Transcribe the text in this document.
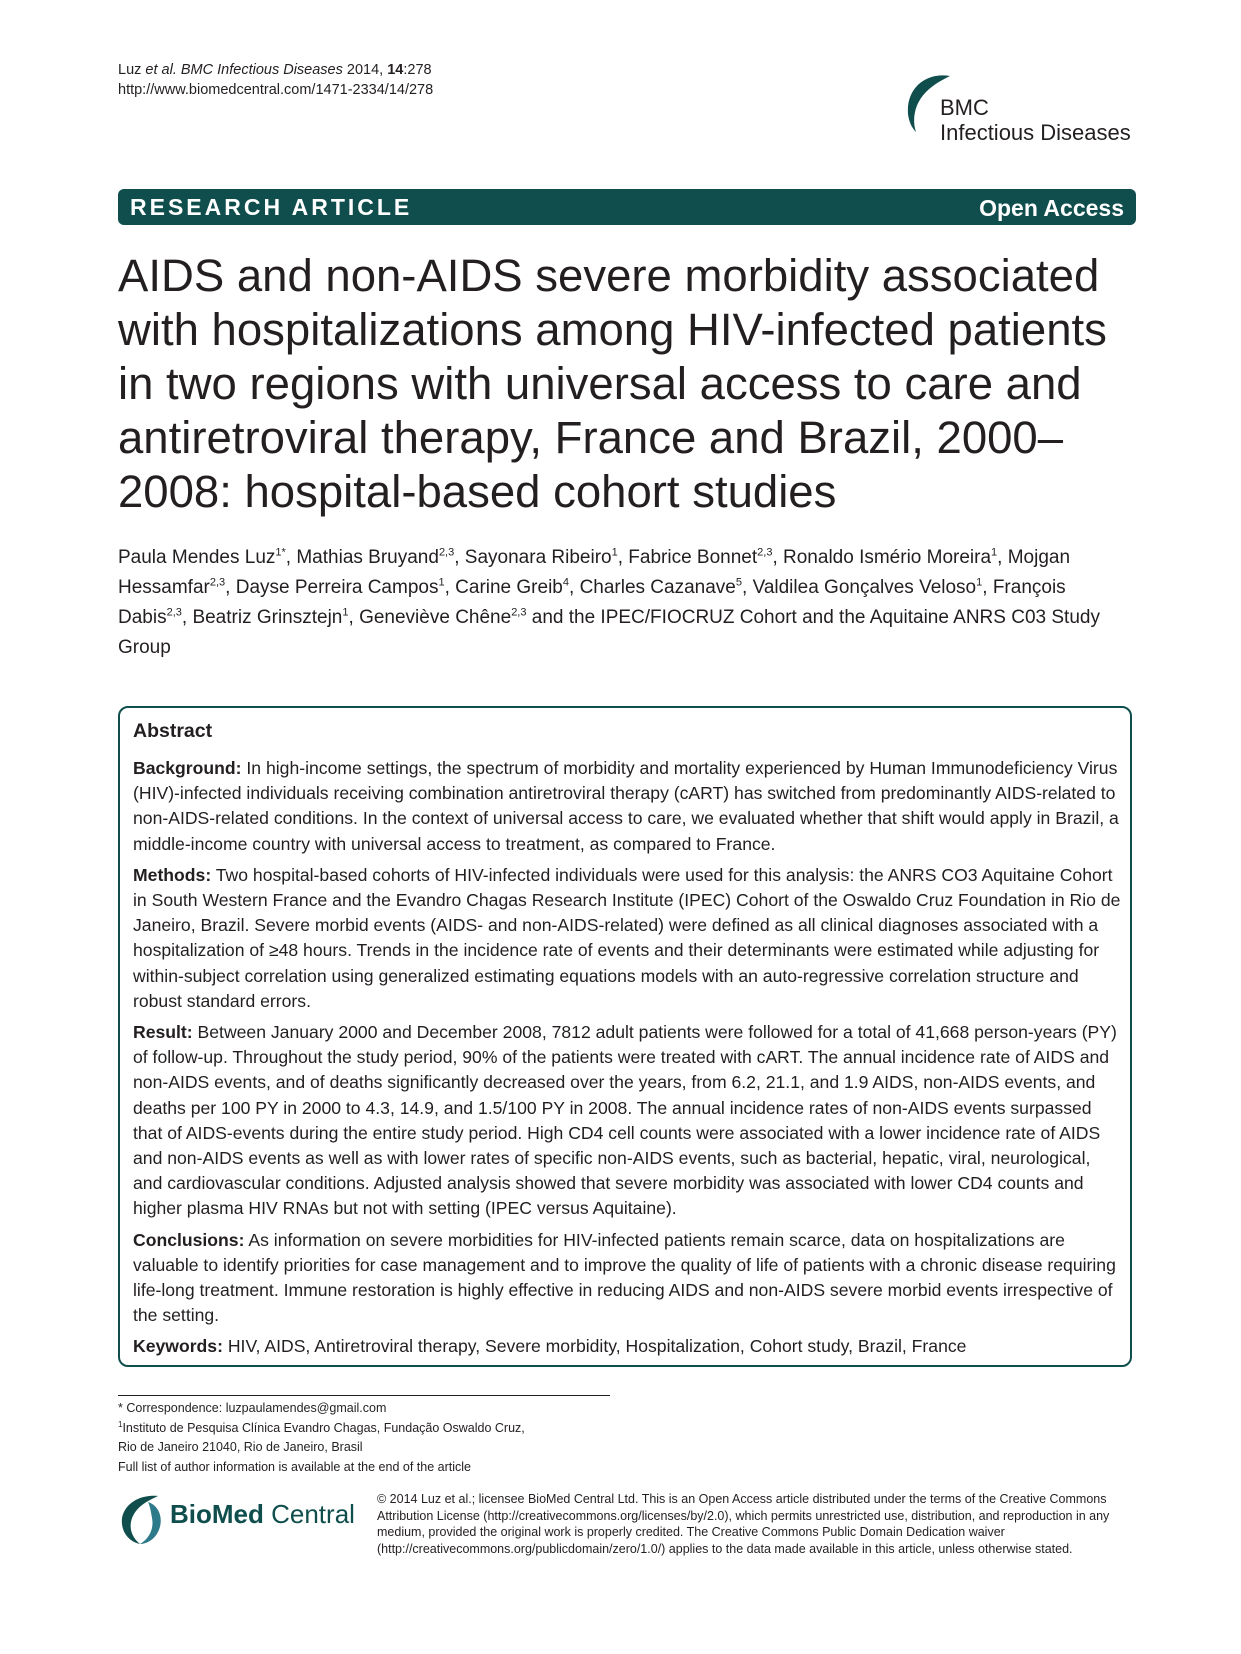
Luz et al. BMC Infectious Diseases 2014, 14:278
http://www.biomedcentral.com/1471-2334/14/278
BMC
Infectious Diseases
RESEARCH ARTICLE	Open Access
AIDS and non-AIDS severe morbidity associated with hospitalizations among HIV-infected patients in two regions with universal access to care and antiretroviral therapy, France and Brazil, 2000–2008: hospital-based cohort studies
Paula Mendes Luz$^{1*}$, Mathias Bruyand$^{2,3}$, Sayonara Ribeiro$^1$, Fabrice Bonnet$^{2,3}$, Ronaldo Ismério Moreira$^1$, Mojgan Hessamfar$^{2,3}$, Dayse Perreira Campos$^1$, Carine Greib$^4$, Charles Cazanave$^5$, Valdilea Gonçalves Veloso$^1$, François Dabis$^{2,3}$, Beatriz Grinsztejn$^1$, Geneviève Chêne$^{2,3}$ and the IPEC/FIOCRUZ Cohort and the Aquitaine ANRS C03 Study Group
Abstract

Background: In high-income settings, the spectrum of morbidity and mortality experienced by Human Immunodeficiency Virus (HIV)-infected individuals receiving combination antiretroviral therapy (cART) has switched from predominantly AIDS-related to non-AIDS-related conditions. In the context of universal access to care, we evaluated whether that shift would apply in Brazil, a middle-income country with universal access to treatment, as compared to France.

Methods: Two hospital-based cohorts of HIV-infected individuals were used for this analysis: the ANRS CO3 Aquitaine Cohort in South Western France and the Evandro Chagas Research Institute (IPEC) Cohort of the Oswaldo Cruz Foundation in Rio de Janeiro, Brazil. Severe morbid events (AIDS- and non-AIDS-related) were defined as all clinical diagnoses associated with a hospitalization of ≥48 hours. Trends in the incidence rate of events and their determinants were estimated while adjusting for within-subject correlation using generalized estimating equations models with an auto-regressive correlation structure and robust standard errors.

Result: Between January 2000 and December 2008, 7812 adult patients were followed for a total of 41,668 person-years (PY) of follow-up. Throughout the study period, 90% of the patients were treated with cART. The annual incidence rate of AIDS and non-AIDS events, and of deaths significantly decreased over the years, from 6.2, 21.1, and 1.9 AIDS, non-AIDS events, and deaths per 100 PY in 2000 to 4.3, 14.9, and 1.5/100 PY in 2008. The annual incidence rates of non-AIDS events surpassed that of AIDS-events during the entire study period. High CD4 cell counts were associated with a lower incidence rate of AIDS and non-AIDS events as well as with lower rates of specific non-AIDS events, such as bacterial, hepatic, viral, neurological, and cardiovascular conditions. Adjusted analysis showed that severe morbidity was associated with lower CD4 counts and higher plasma HIV RNAs but not with setting (IPEC versus Aquitaine).

Conclusions: As information on severe morbidities for HIV-infected patients remain scarce, data on hospitalizations are valuable to identify priorities for case management and to improve the quality of life of patients with a chronic disease requiring life-long treatment. Immune restoration is highly effective in reducing AIDS and non-AIDS severe morbid events irrespective of the setting.

Keywords: HIV, AIDS, Antiretroviral therapy, Severe morbidity, Hospitalization, Cohort study, Brazil, France

* Correspondence: luzpaulamendes@gmail.com
$^1$Instituto de Pesquisa Clínica Evandro Chagas, Fundação Oswaldo Cruz,
Rio de Janeiro 21040, Rio de Janeiro, Brasil
Full list of author information is available at the end of the article
BioMed Central © 2014 Luz et al.; licensee BioMed Central Ltd. This is an Open Access article distributed under the terms of the Creative Commons Attribution License (http://creativecommons.org/licenses/by/2.0), which permits unrestricted use, distribution, and reproduction in any medium, provided the original work is properly credited. The Creative Commons Public Domain Dedication waiver (http://creativecommons.org/publicdomain/zero/1.0/) applies to the data made available in this article, unless otherwise stated.
